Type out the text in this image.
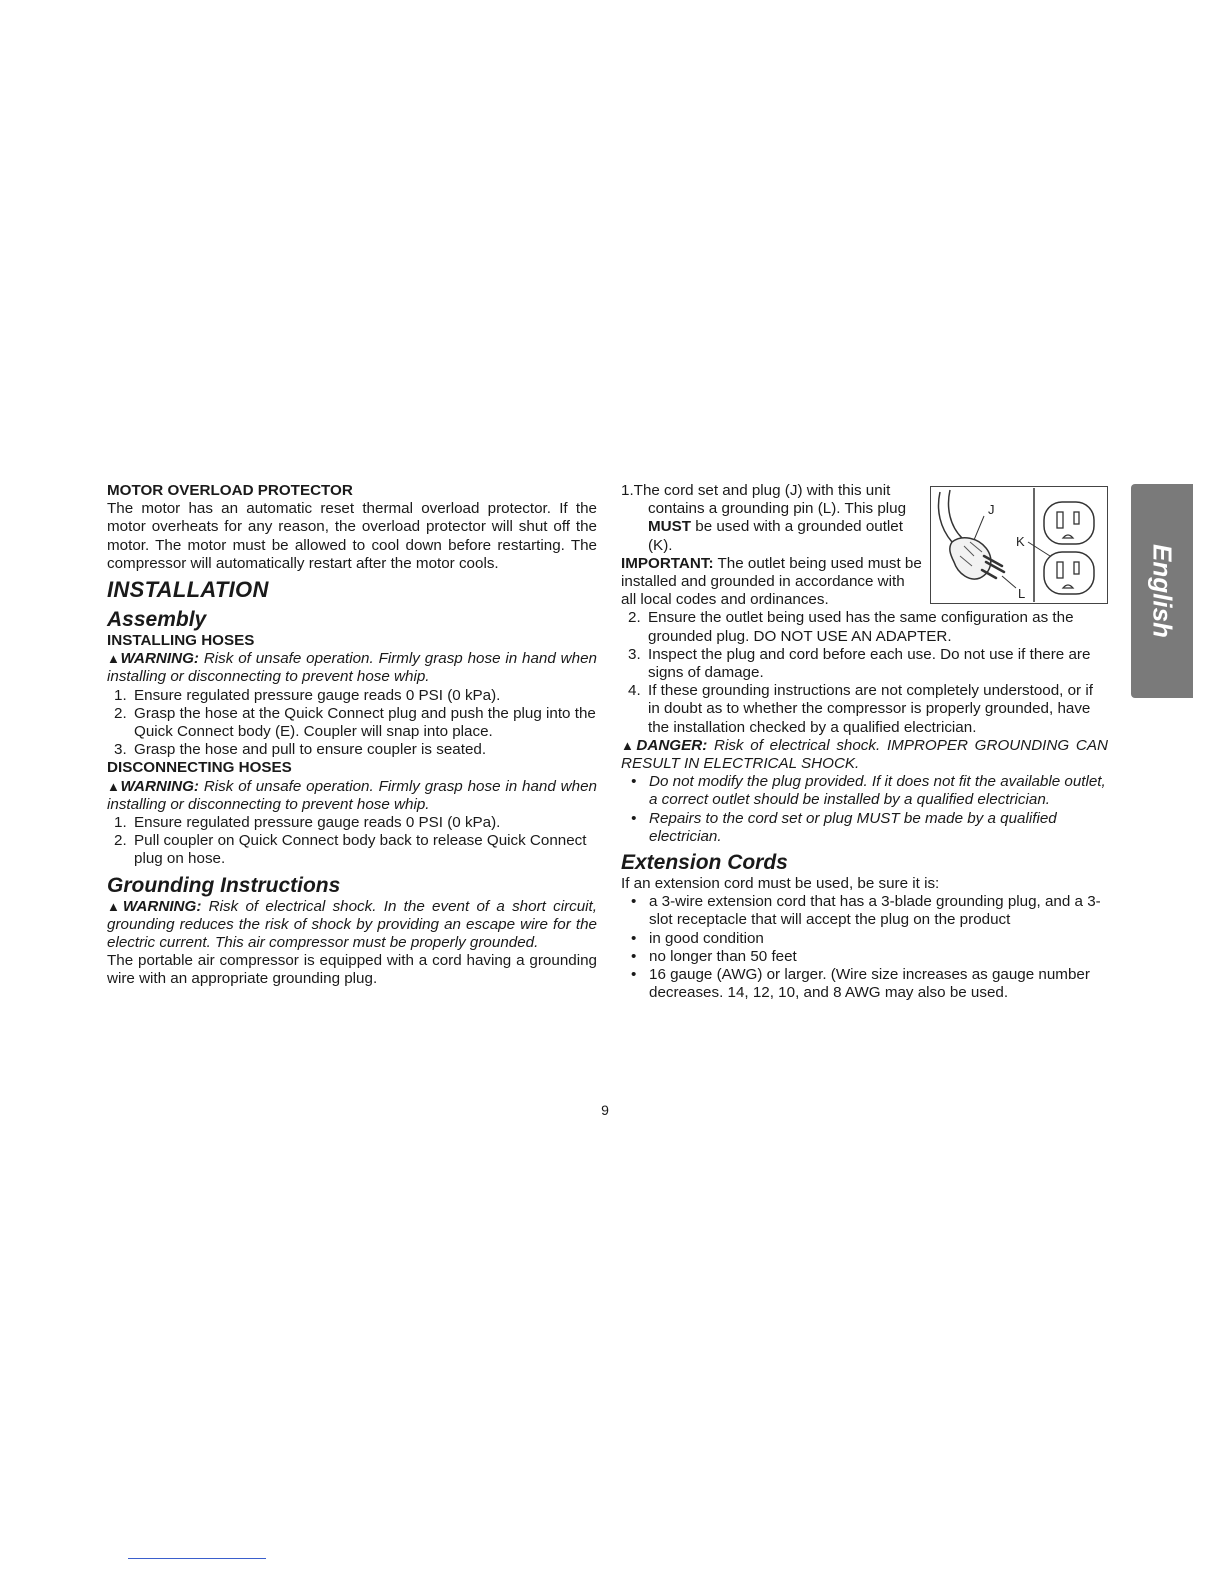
MOTOR OVERLOAD PROTECTOR

The motor has an automatic reset thermal overload protector. If the motor overheats for any reason, the overload protector will shut off the motor. The motor must be allowed to cool down before restarting. The compressor will automatically restart after the motor cools.

INSTALLATION

Assembly

INSTALLING HOSES

▲WARNING: Risk of unsafe operation. Firmly grasp hose in hand when installing or disconnecting to prevent hose whip.

1. Ensure regulated pressure gauge reads 0 PSI (0 kPa).
2. Grasp the hose at the Quick Connect plug and push the plug into the Quick Connect body (E). Coupler will snap into place.
3. Grasp the hose and pull to ensure coupler is seated.

DISCONNECTING HOSES

▲WARNING: Risk of unsafe operation. Firmly grasp hose in hand when installing or disconnecting to prevent hose whip.

1. Ensure regulated pressure gauge reads 0 PSI (0 kPa).
2. Pull coupler on Quick Connect body back to release Quick Connect plug on hose.

Grounding Instructions

▲WARNING: Risk of electrical shock. In the event of a short circuit, grounding reduces the risk of shock by providing an escape wire for the electric current. This air compressor must be properly grounded.

The portable air compressor is equipped with a cord having a grounding wire with an appropriate grounding plug.

J
L
K

1.The cord set and plug (J) with this unit contains a grounding pin (L). This plug MUST be used with a grounded outlet (K).

IMPORTANT: The outlet being used must be installed and grounded in accordance with all local codes and ordinances.

2. Ensure the outlet being used has the same configuration as the grounded plug. DO NOT USE AN ADAPTER.
3. Inspect the plug and cord before each use. Do not use if there are signs of damage.
4. If these grounding instructions are not completely understood, or if in doubt as to whether the compressor is properly grounded, have the installation checked by a qualified electrician.

▲DANGER: Risk of electrical shock. IMPROPER GROUNDING CAN RESULT IN ELECTRICAL SHOCK.

• Do not modify the plug provided. If it does not fit the available outlet, a correct outlet should be installed by a qualified electrician.
• Repairs to the cord set or plug MUST be made by a qualified electrician.

Extension Cords

If an extension cord must be used, be sure it is:

• a 3-wire extension cord that has a 3-blade grounding plug, and a 3-slot receptacle that will accept the plug on the product
• in good condition
• no longer than 50 feet
• 16 gauge (AWG) or larger. (Wire size increases as gauge number decreases. 14, 12, 10, and 8 AWG may also be used.
English
9
